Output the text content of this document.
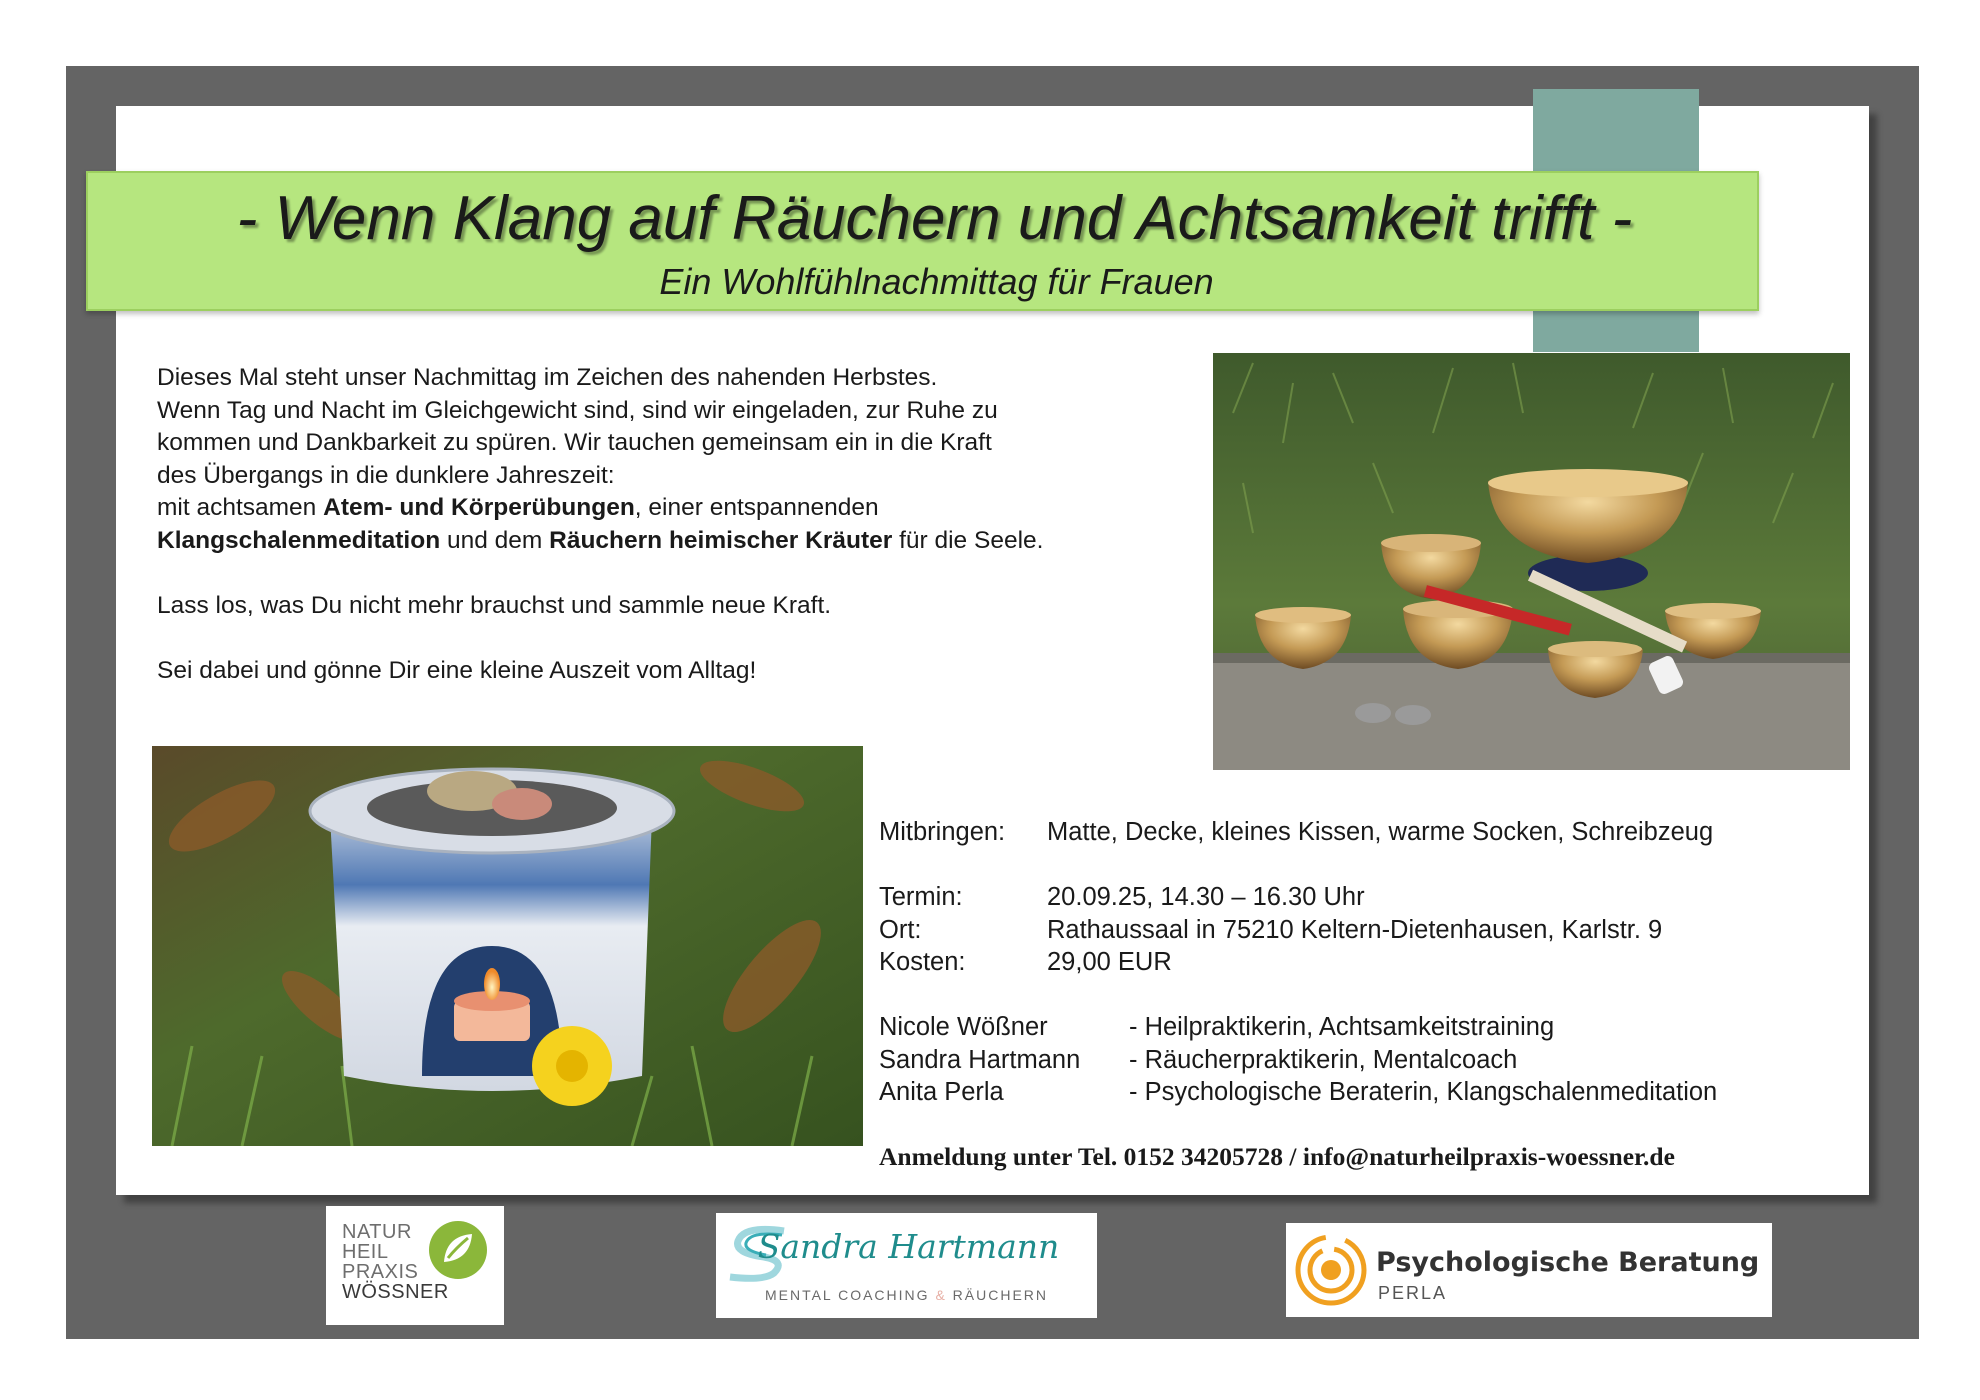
- Wenn Klang auf Räuchern und Achtsamkeit trifft -
Ein Wohlfühlnachmittag für Frauen

Dieses Mal steht unser Nachmittag im Zeichen des nahenden Herbstes.
Wenn Tag und Nacht im Gleichgewicht sind, sind wir eingeladen, zur Ruhe zu
kommen und Dankbarkeit zu spüren. Wir tauchen gemeinsam ein in die Kraft
des Übergangs in die dunklere Jahreszeit:
mit achtsamen Atem- und Körperübungen, einer entspannenden
Klangschalenmeditation und dem Räuchern heimischer Kräuter für die Seele.

Lass los, was Du nicht mehr brauchst und sammle neue Kraft.

Sei dabei und gönne Dir eine kleine Auszeit vom Alltag!

Mitbringen:	Matte, Decke, kleines Kissen, warme Socken, Schreibzeug
Termin:	20.09.25, 14.30 – 16.30 Uhr
Ort:	Rathaussaal in 75210 Keltern-Dietenhausen, Karlstr. 9
Kosten:	29,00 EUR
Nicole Wößner	- Heilpraktikerin, Achtsamkeitstraining
Sandra Hartmann	- Räucherpraktikerin, Mentalcoach
Anita Perla	- Psychologische Beraterin, Klangschalenmeditation
Anmeldung unter Tel. 0152 34205728 / info@naturheilpraxis-woessner.de
NATUR
HEIL
PRAXIS
WÖSSNER
Sandra Hartmann
MENTAL COACHING & RÄUCHERN
Psychologische Beratung
PERLA
